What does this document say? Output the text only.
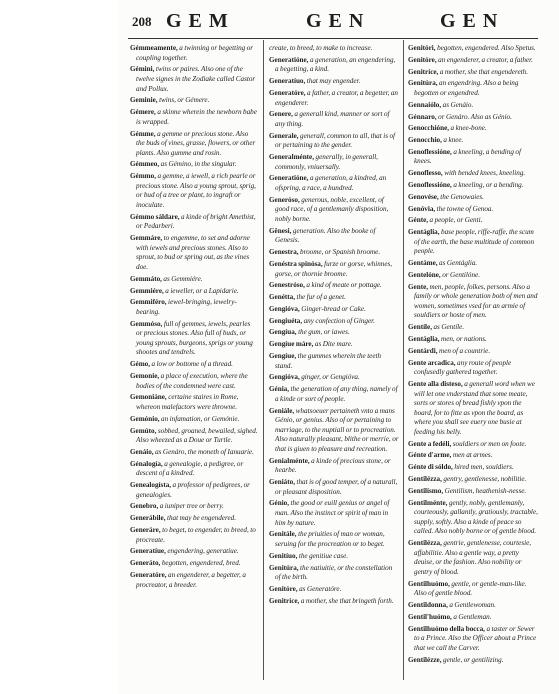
208 GEM	GEN	GEN

Gémmeamente, a twinning or begetting or coupling together.

Gémini, twins or paires. Also one of the twelve signes in the Zodiake called Castor and Pollux.

Geminie, twins, or Gémere.

Gémere, a skinne wherein the newborn babe is wrapped.

Gémme, a gemme or precious stone. Also the buds of vines, grasse, flowers, or other plants. Also gumme and rosin.

Gémmeo, as Gémino, in the singular.

Gémmo, a gemme, a iewell, a rich pearle or precious stone. Also a young sprout, sprig, or bud of a tree or plant, to ingraft or inoculate.

Gémmo sáldare, a kinde of bright Amethist, or Pedarberi.

Gemmáre, to engemme, to set and adorne with iewels and precious stones. Also to sprout, to bud or spring out, as the vines doe.

Gemmáto, as Gemmiére.

Gemmiére, a ieweller, or a Lapidarie.

Gemmiféro, iewel-bringing, iewelry-bearing.

Gemmóso, full of gemmes, iewels, pearles or precious stones. Also full of buds, or young sprouts, burgeons, sprigs or young shootes and tendrels.

Gémo, a low or bottome of a thread.

Gemonie, a place of execution, where the bodies of the condemned were cast.

Gemoniáne, certaine staires in Rome, whereon malefactors were throwne.

Gemónio, an infamation, or Gemónie.

Gemúto, sobbed, groaned, bewailed, sighed. Also wheezed as a Doue or Turtle.

Genáio, as Genáro, the moneth of Ianuarie.

Génalogía, a genealogie, a pedigree, or descent of a kindred.

Genealogísta, a professor of pedigrees, or genealogies.

Genebro, a iuniper tree or berry.

Generábile, that may be engendered.

Generáre, to beget, to engender, to breed, to procreate.

Generatíue, engendering, generatiue.

Generáto, begotten, engendered, bred.

Generatóre, an engenderer, a begetter, a procreator, a breeder.

create, to breed, to make to increase.

Generatióne, a generation, an engendering, a begetting, a kind.

Generatíuo, that may engender.

Generatóre, a father, a creator, a begetter, an engenderer.

Genere, a generall kind, manner or sort of any thing.

Generale, generall, common to all, that is of or pertaining to the gender.

Generalménte, generally, in generall, commonly, vniuersally.

Generatióne, a generation, a kindred, an ofspring, a race, a hundred.

Generóso, generous, noble, excellent, of good race, of a gentlemanly disposition, nobly borne.

Gênesi, generation. Also the booke of Genesis.

Genestra, broome, or Spanish broome.

Genéstra spinósa, furze or gorse, whinnes, gorse, or thornie broome.

Genestróso, a kind of meate or pottage.

Genétta, the fur of a genet.

Gengióva, Ginger-bread or Cake.

Gengiuéta, any confection of Ginger.

Gengíua, the gum, or iawes.

Gengíue máre, as Dite mare.

Gengíue, the gummes wherein the teeth stand.

Gengióva, ginger, or Gengióva.

Génia, the generation of any thing, namely of a kinde or sort of people.

Geniále, whatsoeuer pertaineth vnto a mans Génio, or genius. Also of or pertaining to marriage, to the nuptiall or to procreation. Also naturally pleasant, blithe or merrie, or that is giuen to pleasure and recreation.

Genialménte, a kinde of precious stone, or hearbe.

Geniáto, that is of good temper, of a naturall, or pleasant disposition.

Génio, the good or euill genius or angel of man. Also the instinct or spirit of man in him by nature.

Genitále, the priuities of man or woman, seruing for the procreation or to beget.

Genitíuo, the genitiue case.

Genitúra, the natiuitie, or the constellation of the birth.

Genitóre, as Generatóre.

Genitríce, a mother, she that bringeth forth.

Genitóri, begotten, engendered. Also Spetus.

Genitóre, an engenderer, a creator, a father.

Genitríce, a mother, she that engendereth.

Genitúra, an engendring. Also a being begotten or engendred.

Gennaiólo, as Genáio.

Génnaro, or Genáro. Also as Génio.

Genocchióne, a knee-bone.

Genocchio, a knee.

Genoflessióne, a kneeling, a bending of knees.

Genoflesso, with bended knees, kneeling.

Genoflessióne, a kneeling, or a bending.

Genovése, the Genowaies.

Genóvia, the towne of Genoa.

Génte, a people, or Genti.

Gentáglia, base people, riffe-raffe, the scum of the earth, the base multitude of common people.

Gentáme, as Gentáglia.

Gentelóne, or Gentilóne.

Gente, men, people, folkes, persons. Also a family or whole generation both of men and women, sometimes vsed for an armie of souldiers or hoste of men.

Gentíle, as Gentíle.

Gentáglia, men, or nations.

Gentárdi, men of a countrie.

Gente arcadica, any route of people confusedly gathered together.

Gente alla disteso, a generall word when we will let one vnderstand that some meate, sorts or stores of bread fishly vpon the board, for to fitte as vpon the board, as where you shall see euery one busie at feeding his belly.

Gente a fedéli, souldiers or men on foote.

Génte d'arme, men at armes.

Génte di sóldo, hired men, souldiers.

Gentilézza, gentry, gentlenesse, nobilitie.

Gentilísmo, Gentilism, heathenish-nesse.

Gentilménte, gently, nobly, gentlemanly, courteously, gallantly, gratiously, tractable, supply, softly. Also a kinde of peace so called. Also nobly borne or of gentle blood.

Gentilézza, gentrie, gentlenesse, courtesie, affabilitie. Also a gentle way, a pretty deuise, or the fashion. Also nobility or gentry of blood.

Gentilhuómo, gentle, or gentle-man-like. Also of gentle blood.

Gentildonna, a Gentlewoman.

Gentil'huómo, a Gentleman.

Gentilhuómo della bocca, a taster or Sewer to a Prince. Also the Officer about a Prince that we call the Carver.

Gentilézze, gentle, or gentilizing.
